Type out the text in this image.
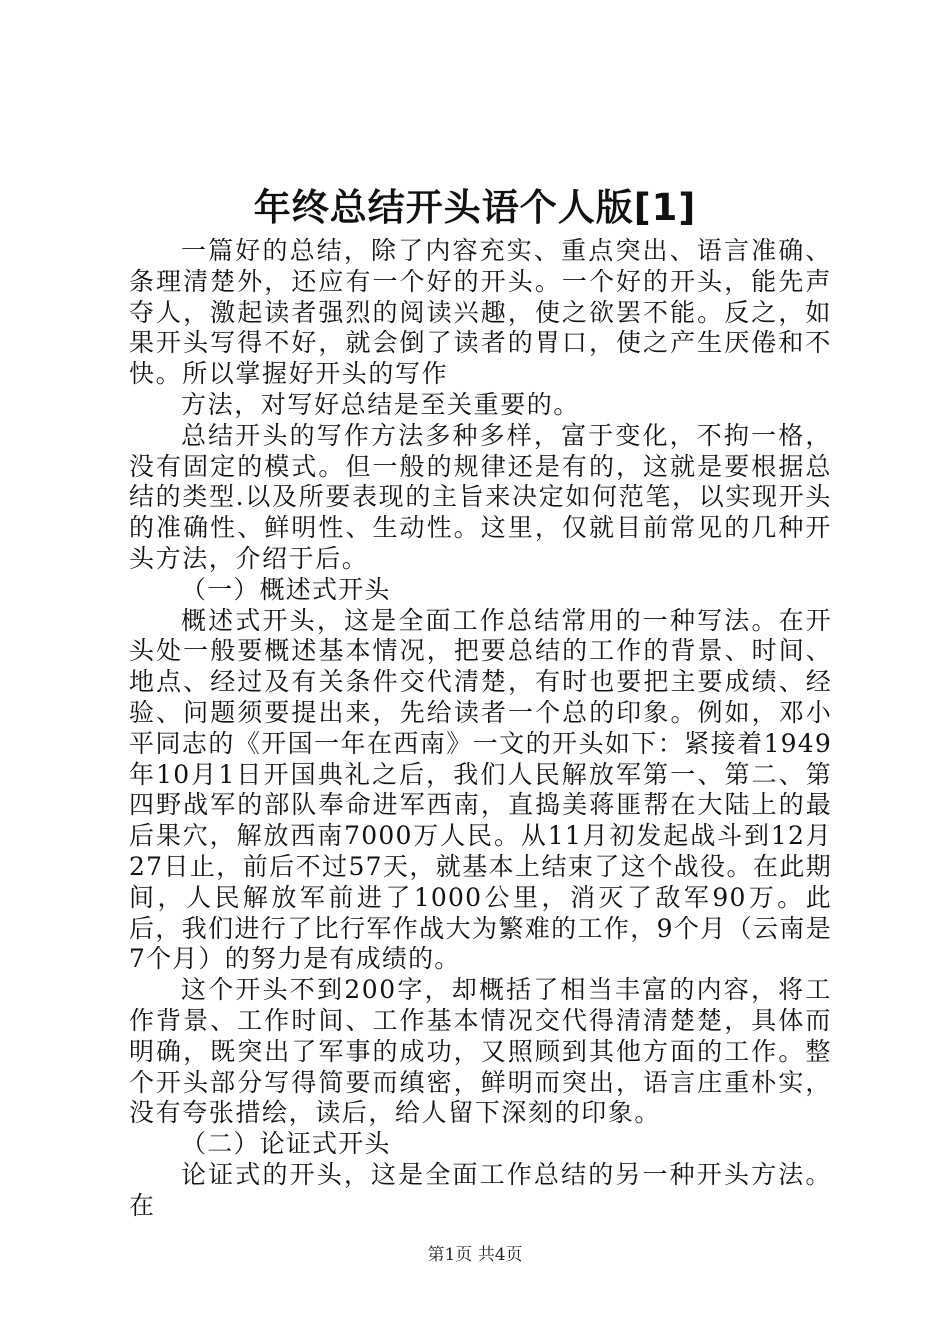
年终总结开头语个人版[1]

一篇好的总结，除了内容充实、重点突出、语言准确、条理清楚外，还应有一个好的开头。一个好的开头，能先声夺人，激起读者强烈的阅读兴趣，使之欲罢不能。反之，如果开头写得不好，就会倒了读者的胃口，使之产生厌倦和不快。所以掌握好开头的写作

方法，对写好总结是至关重要的。

总结开头的写作方法多种多样，富于变化，不拘一格，没有固定的模式。但一般的规律还是有的，这就是要根据总结的类型.以及所要表现的主旨来决定如何范笔，以实现开头的准确性、鲜明性、生动性。这里，仅就目前常见的几种开头方法，介绍于后。

（一）概述式开头

概述式开头，这是全面工作总结常用的一种写法。在开头处一般要概述基本情况，把要总结的工作的背景、时间、地点、经过及有关条件交代清楚，有时也要把主要成绩、经验、问题须要提出来，先给读者一个总的印象。例如，邓小平同志的《开国一年在西南》一文的开头如下：紧接着1949年10月1日开国典礼之后，我们人民解放军第一、第二、第四野战军的部队奉命进军西南，直捣美蒋匪帮在大陆上的最后果穴，解放西南7000万人民。从11月初发起战斗到12月27日止，前后不过57天，就基本上结束了这个战役。在此期间，人民解放军前进了1000公里，消灭了敌军90万。此后，我们进行了比行军作战大为繁难的工作，9个月（云南是7个月）的努力是有成绩的。

这个开头不到200字，却概括了相当丰富的内容，将工作背景、工作时间、工作基本情况交代得清清楚楚，具体而明确，既突出了军事的成功，又照顾到其他方面的工作。整个开头部分写得简要而缜密，鲜明而突出，语言庄重朴实，没有夸张措绘，读后，给人留下深刻的印象。

（二）论证式开头

论证式的开头，这是全面工作总结的另一种开头方法。在

第1页 共4页
